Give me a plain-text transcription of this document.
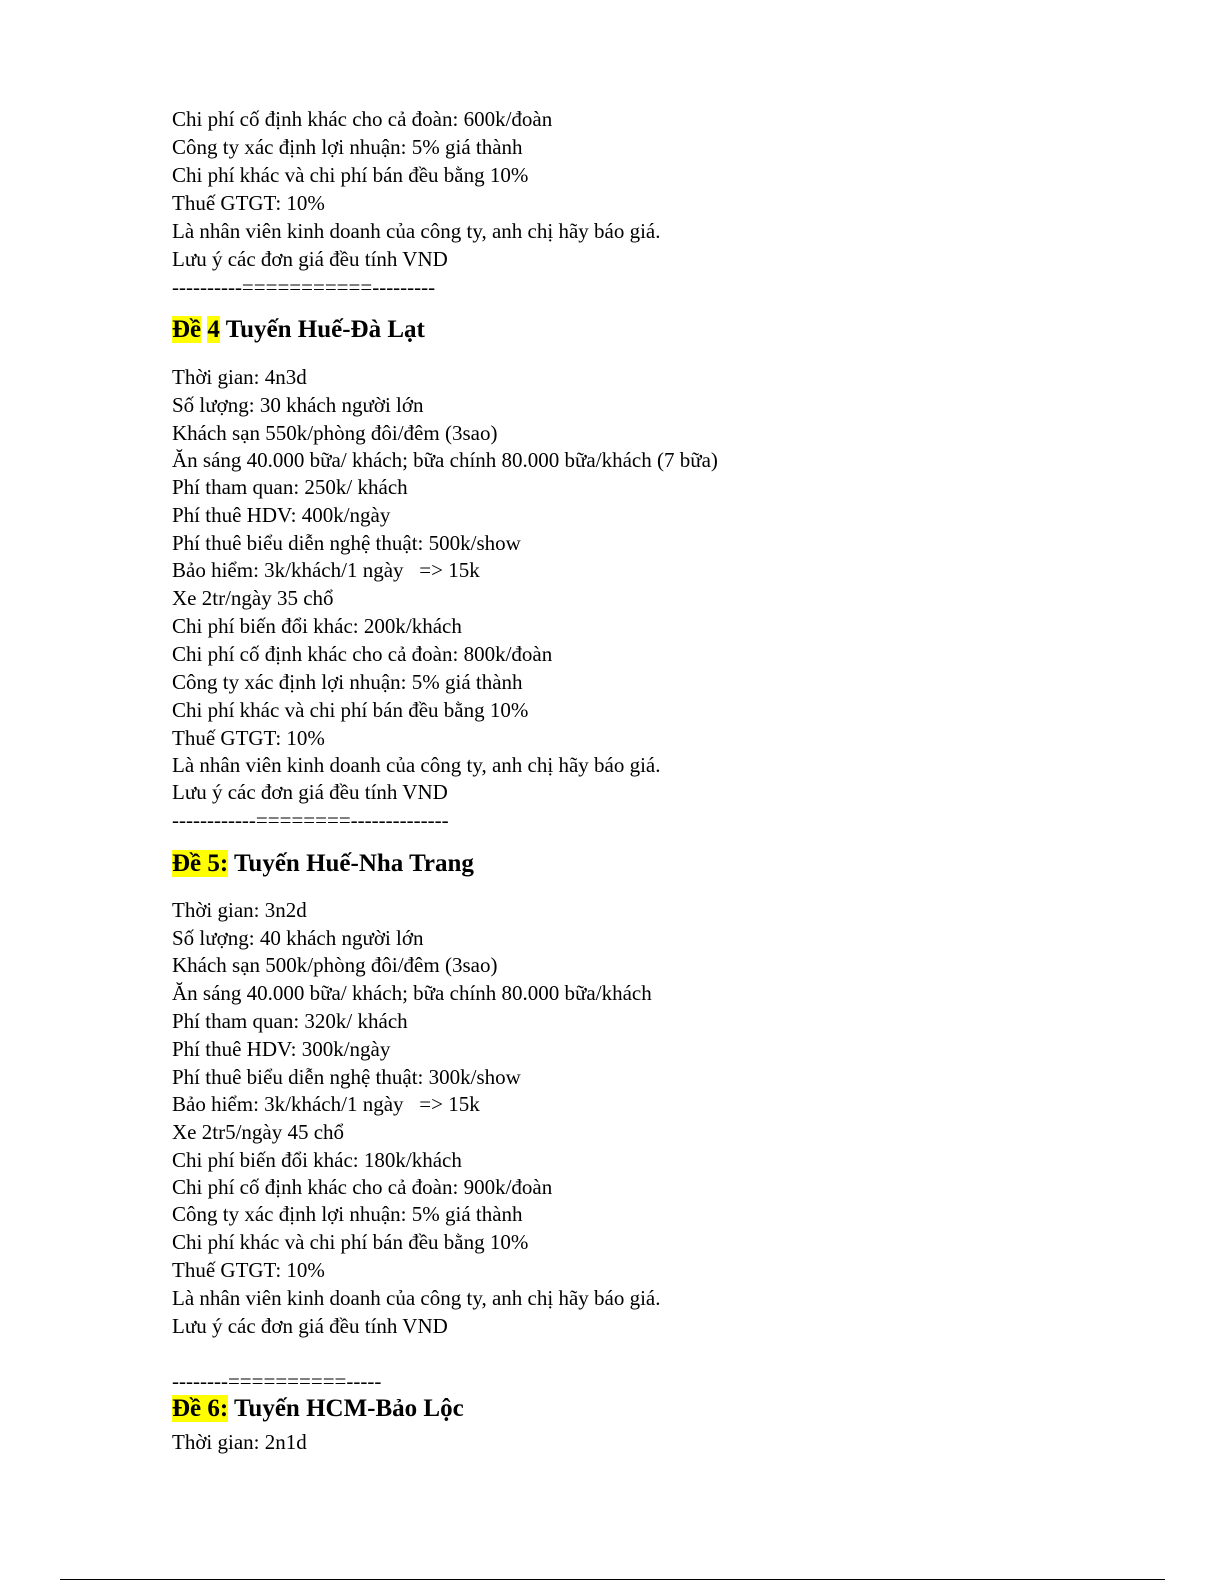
Chi phí cố định khác cho cả đoàn: 600k/đoàn
Công ty xác định lợi nhuận: 5% giá thành
Chi phí khác và chi phí bán đều bằng 10%
Thuế GTGT: 10%
Là nhân viên kinh doanh của công ty, anh chị hãy báo giá.
Lưu ý các đơn giá đều tính VND
----------===========---------
Đề 4 Tuyến Huế-Đà Lạt
Thời gian: 4n3d
Số lượng: 30 khách người lớn
Khách sạn 550k/phòng đôi/đêm (3sao)
Ăn sáng 40.000 bữa/ khách; bữa chính 80.000 bữa/khách (7 bữa)
Phí tham quan: 250k/ khách
Phí thuê HDV: 400k/ngày
Phí thuê biểu diễn nghệ thuật: 500k/show
Bảo hiểm: 3k/khách/1 ngày   => 15k
Xe 2tr/ngày 35 chổ
Chi phí biến đổi khác: 200k/khách
Chi phí cố định khác cho cả đoàn: 800k/đoàn
Công ty xác định lợi nhuận: 5% giá thành
Chi phí khác và chi phí bán đều bằng 10%
Thuế GTGT: 10%
Là nhân viên kinh doanh của công ty, anh chị hãy báo giá.
Lưu ý các đơn giá đều tính VND
------------========--------------
Đề 5: Tuyến Huế-Nha Trang
Thời gian: 3n2d
Số lượng: 40 khách người lớn
Khách sạn 500k/phòng đôi/đêm (3sao)
Ăn sáng 40.000 bữa/ khách; bữa chính 80.000 bữa/khách
Phí tham quan: 320k/ khách
Phí thuê HDV: 300k/ngày
Phí thuê biểu diễn nghệ thuật: 300k/show
Bảo hiểm: 3k/khách/1 ngày   => 15k
Xe 2tr5/ngày 45 chổ
Chi phí biến đổi khác: 180k/khách
Chi phí cố định khác cho cả đoàn: 900k/đoàn
Công ty xác định lợi nhuận: 5% giá thành
Chi phí khác và chi phí bán đều bằng 10%
Thuế GTGT: 10%
Là nhân viên kinh doanh của công ty, anh chị hãy báo giá.
Lưu ý các đơn giá đều tính VND
--------==========-----
Đề 6: Tuyến HCM-Bảo Lộc
Thời gian: 2n1d
